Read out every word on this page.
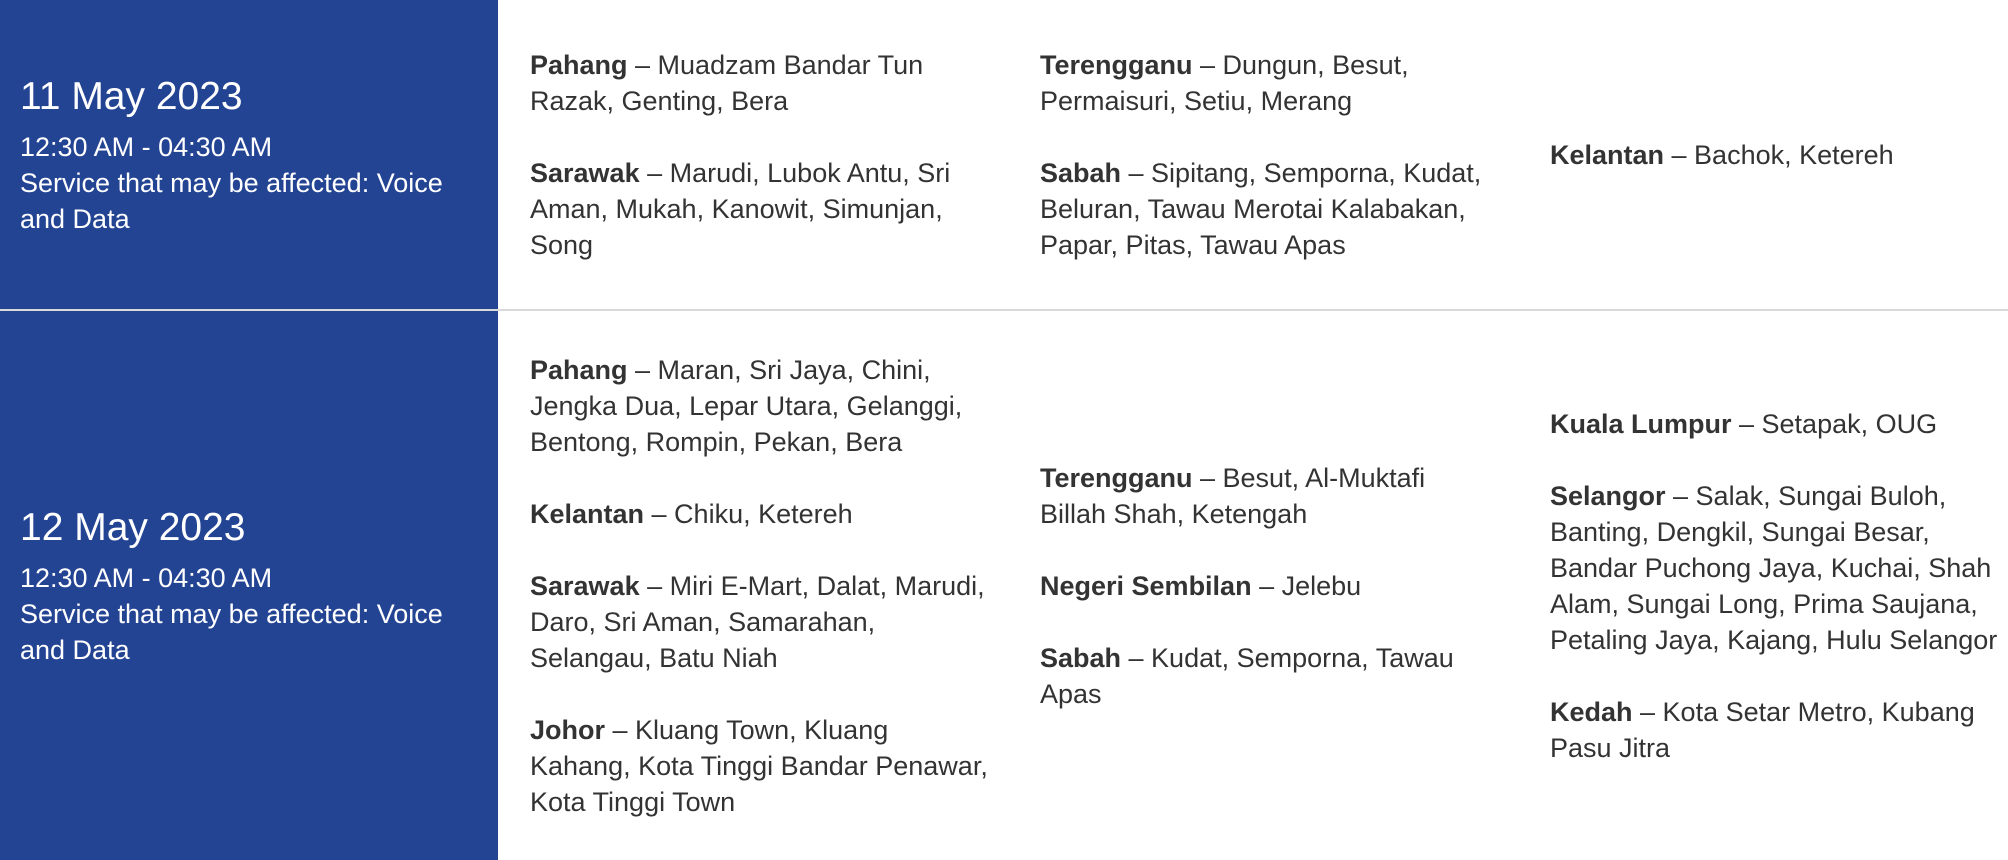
11 May 2023
12:30 AM - 04:30 AM
Service that may be affected: Voice and Data

Pahang – Muadzam Bandar Tun Razak, Genting, Bera

Sarawak – Marudi, Lubok Antu, Sri Aman, Mukah, Kanowit, Simunjan, Song

Terengganu – Dungun, Besut, Permaisuri, Setiu, Merang

Sabah – Sipitang, Semporna, Kudat, Beluran, Tawau Merotai Kalabakan, Papar, Pitas, Tawau Apas

Kelantan – Bachok, Ketereh

12 May 2023
12:30 AM - 04:30 AM
Service that may be affected: Voice and Data

Pahang – Maran, Sri Jaya, Chini, Jengka Dua, Lepar Utara, Gelanggi, Bentong, Rompin, Pekan, Bera

Kelantan – Chiku, Ketereh

Sarawak – Miri E-Mart, Dalat, Marudi, Daro, Sri Aman, Samarahan, Selangau, Batu Niah

Johor – Kluang Town, Kluang Kahang, Kota Tinggi Bandar Penawar, Kota Tinggi Town

Terengganu – Besut, Al-Muktafi Billah Shah, Ketengah

Negeri Sembilan – Jelebu

Sabah – Kudat, Semporna, Tawau Apas

Kuala Lumpur – Setapak, OUG

Selangor – Salak, Sungai Buloh, Banting, Dengkil, Sungai Besar, Bandar Puchong Jaya, Kuchai, Shah Alam, Sungai Long, Prima Saujana, Petaling Jaya, Kajang, Hulu Selangor

Kedah – Kota Setar Metro, Kubang Pasu Jitra
